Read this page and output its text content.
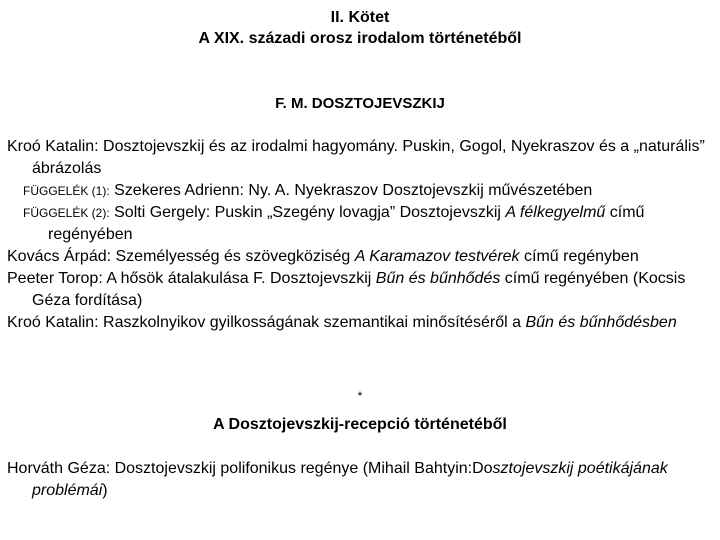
II. Kötet
A XIX. századi orosz irodalom történetéből
F. M. DOSZTOJEVSZKIJ

Kroó Katalin: Dosztojevszkij és az irodalmi hagyomány. Puskin, Gogol, Nyekraszov és a „naturális” ábrázolás

FÜGGELÉK (1): Szekeres Adrienn: Ny. A. Nyekraszov Dosztojevszkij művészetében

FÜGGELÉK (2): Solti Gergely: Puskin „Szegény lovagja” Dosztojevszkij A félkegyelmű című regényében

Kovács Árpád: Személyesség és szövegköziség A Karamazov testvérek című regényben

Peeter Torop: A hősök átalakulása F. Dosztojevszkij Bűn és bűnhődés című regényében (Kocsis Géza fordítása)

Kroó Katalin: Raszkolnyikov gyilkosságának szemantikai minősítéséről a Bűn és bűnhődésben

*
A Dosztojevszkij-recepció történetéből

Horváth Géza: Dosztojevszkij polifonikus regénye (Mihail Bahtyin:Dosztojevszkij poétikájának problémái)
